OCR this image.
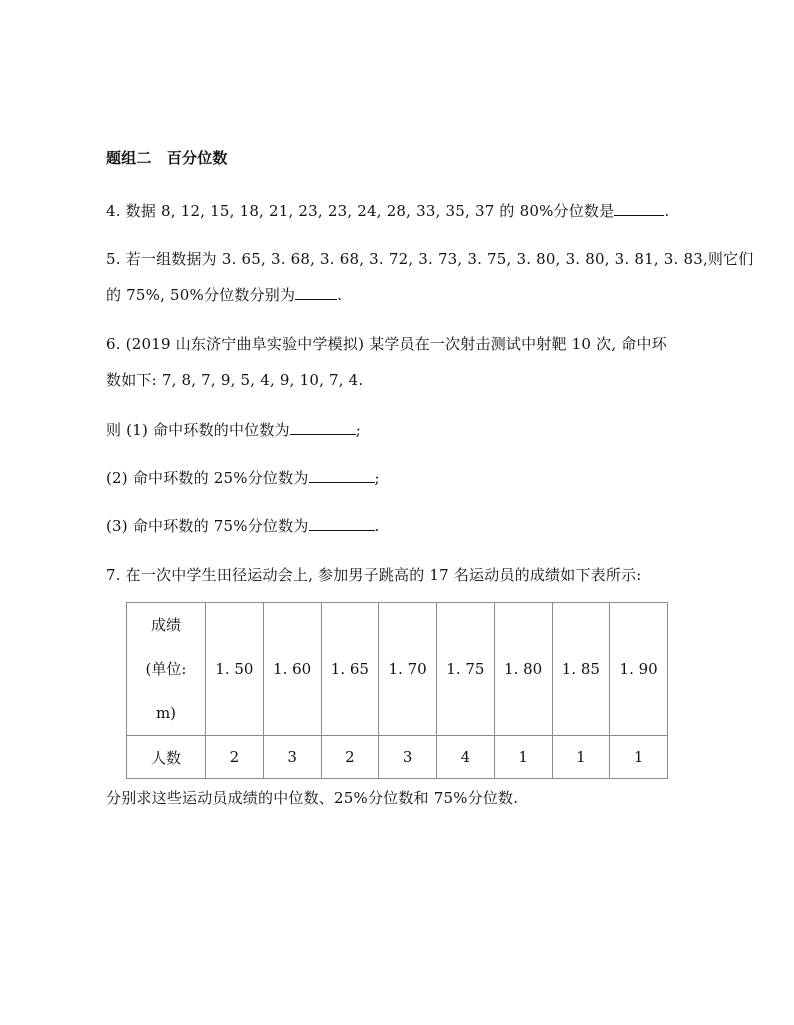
题组二　百分位数
4. 数据 8, 12, 15, 18, 21, 23, 23, 24, 28, 33, 35, 37 的 80%分位数是	.
5. 若一组数据为 3. 65, 3. 68, 3. 68, 3. 72, 3. 73, 3. 75, 3. 80, 3. 80, 3. 81, 3. 83,则它们
的 75%, 50%分位数分别为	.
6. (2019 山东济宁曲阜实验中学模拟) 某学员在一次射击测试中射靶 10 次, 命中环
数如下: 7, 8, 7, 9, 5, 4, 9, 10, 7, 4.
则 (1) 命中环数的中位数为	;
(2) 命中环数的 25%分位数为	;
(3) 命中环数的 75%分位数为	.
7. 在一次中学生田径运动会上, 参加男子跳高的 17 名运动员的成绩如下表所示:
成绩
(单位:
m)	1. 50	1. 60	1. 65	1. 70	1. 75	1. 80	1. 85	1. 90
人数	2	3	2	3	4	1	1	1
分别求这些运动员成绩的中位数、25%分位数和 75%分位数.
